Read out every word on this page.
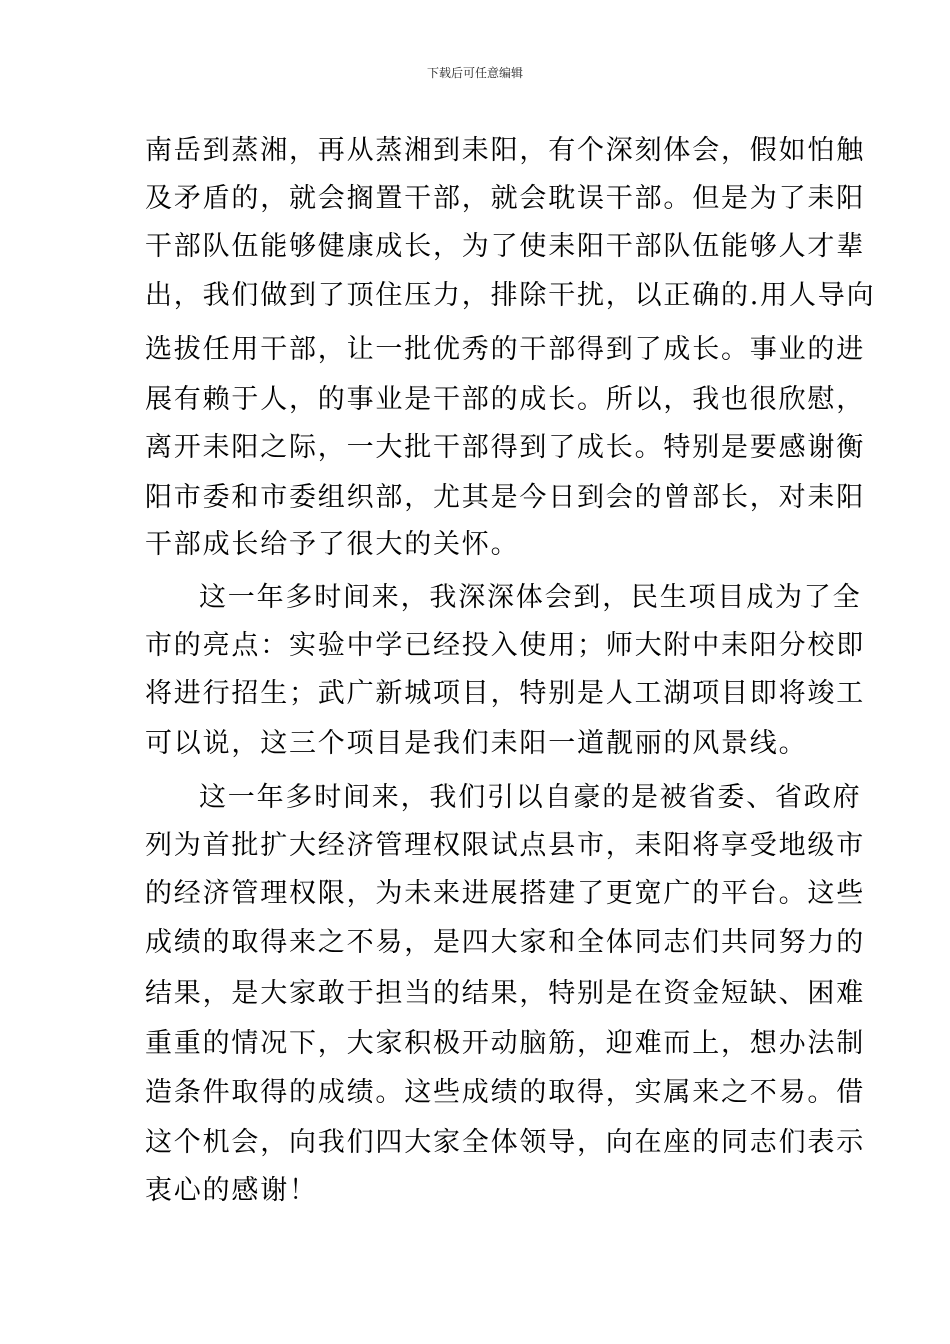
下载后可任意编辑

南岳到蒸湘，再从蒸湘到耒阳，有个深刻体会，假如怕触

及矛盾的，就会搁置干部，就会耽误干部。但是为了耒阳

干部队伍能够健康成长，为了使耒阳干部队伍能够人才辈

出，我们做到了顶住压力，排除干扰，以正确的.用人导向

选拔任用干部，让一批优秀的干部得到了成长。事业的进

展有赖于人，的事业是干部的成长。所以，我也很欣慰，

离开耒阳之际，一大批干部得到了成长。特别是要感谢衡

阳市委和市委组织部，尤其是今日到会的曾部长，对耒阳

干部成长给予了很大的关怀。

这一年多时间来，我深深体会到，民生项目成为了全

市的亮点：实验中学已经投入使用；师大附中耒阳分校即

将进行招生；武广新城项目，特别是人工湖项目即将竣工

可以说，这三个项目是我们耒阳一道靓丽的风景线。

这一年多时间来，我们引以自豪的是被省委、省政府

列为首批扩大经济管理权限试点县市，耒阳将享受地级市

的经济管理权限，为未来进展搭建了更宽广的平台。这些

成绩的取得来之不易，是四大家和全体同志们共同努力的

结果，是大家敢于担当的结果，特别是在资金短缺、困难

重重的情况下，大家积极开动脑筋，迎难而上，想办法制

造条件取得的成绩。这些成绩的取得，实属来之不易。借

这个机会，向我们四大家全体领导，向在座的同志们表示

衷心的感谢！
